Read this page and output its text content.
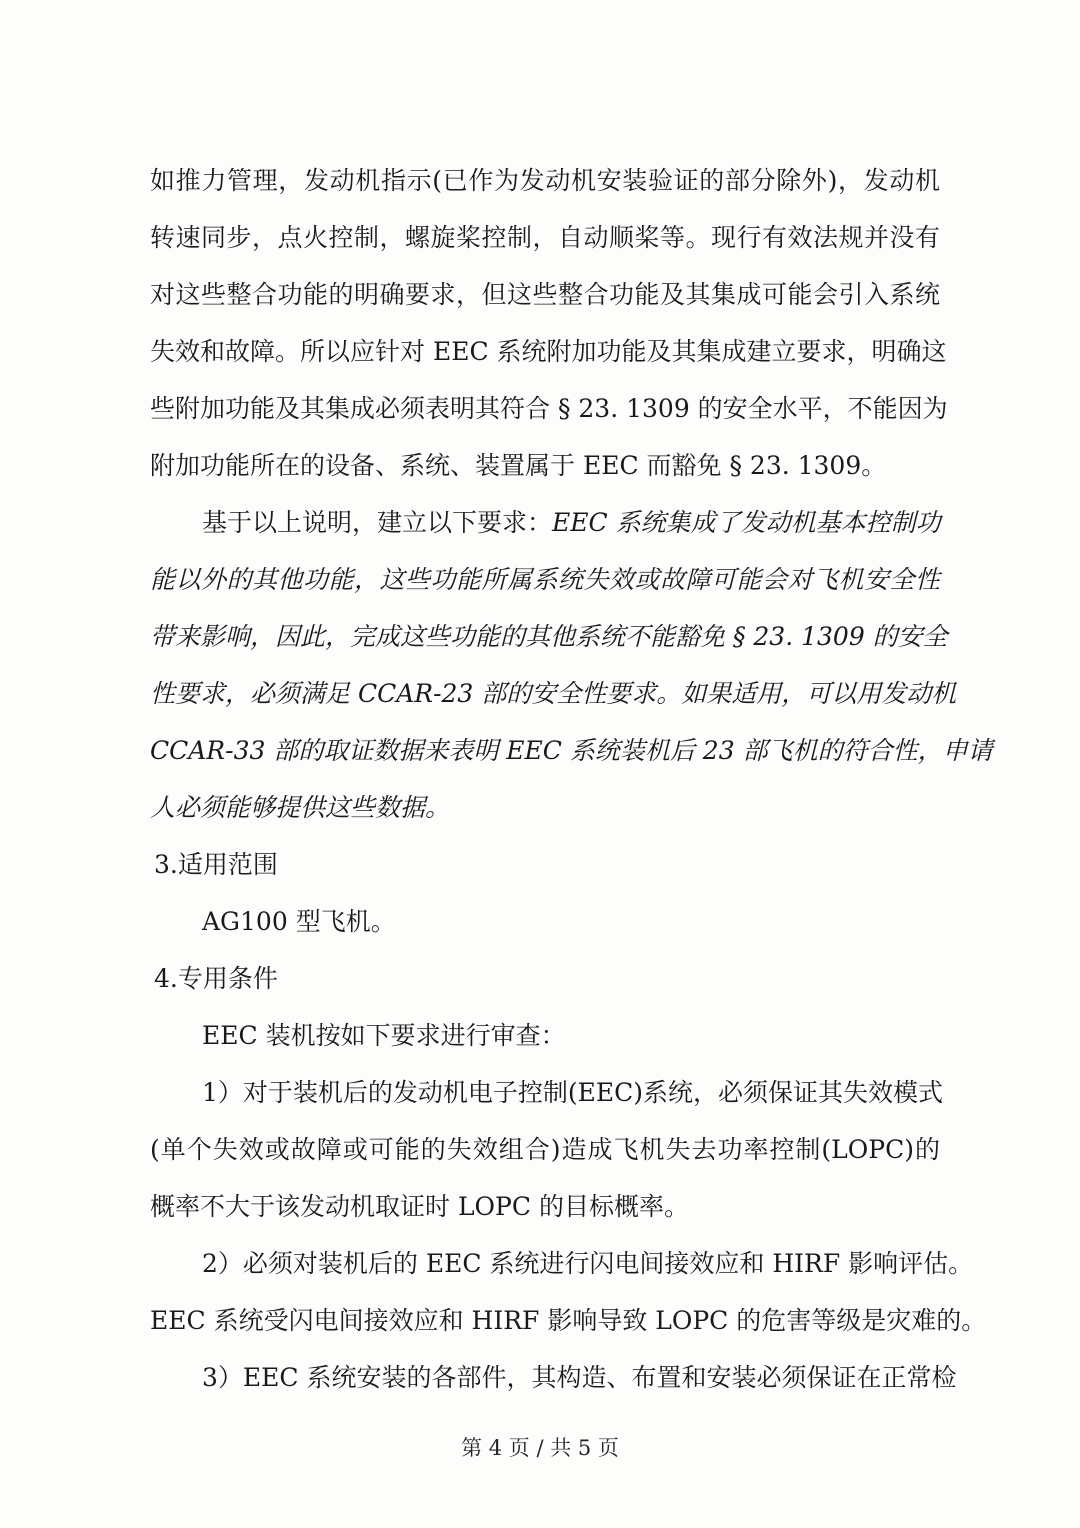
如推力管理，发动机指示(已作为发动机安装验证的部分除外)，发动机
转速同步，点火控制，螺旋桨控制，自动顺桨等。现行有效法规并没有
对这些整合功能的明确要求，但这些整合功能及其集成可能会引入系统
失效和故障。所以应针对 EEC 系统附加功能及其集成建立要求，明确这
些附加功能及其集成必须表明其符合 § 23. 1309 的安全水平，不能因为
附加功能所在的设备、系统、装置属于 EEC 而豁免 § 23. 1309。
基于以上说明，建立以下要求：EEC 系统集成了发动机基本控制功
能以外的其他功能，这些功能所属系统失效或故障可能会对飞机安全性
带来影响，因此，完成这些功能的其他系统不能豁免 § 23. 1309 的安全
性要求，必须满足 CCAR-23 部的安全性要求。如果适用，可以用发动机
CCAR-33 部的取证数据来表明 EEC 系统装机后 23 部飞机的符合性，申请
人必须能够提供这些数据。
3.适用范围
AG100 型飞机。
4.专用条件
EEC 装机按如下要求进行审查：
1）对于装机后的发动机电子控制(EEC)系统，必须保证其失效模式
(单个失效或故障或可能的失效组合)造成飞机失去功率控制(LOPC)的
概率不大于该发动机取证时 LOPC 的目标概率。
2）必须对装机后的 EEC 系统进行闪电间接效应和 HIRF 影响评估。
EEC 系统受闪电间接效应和 HIRF 影响导致 LOPC 的危害等级是灾难的。
3）EEC 系统安装的各部件，其构造、布置和安装必须保证在正常检
第 4 页 / 共 5 页
